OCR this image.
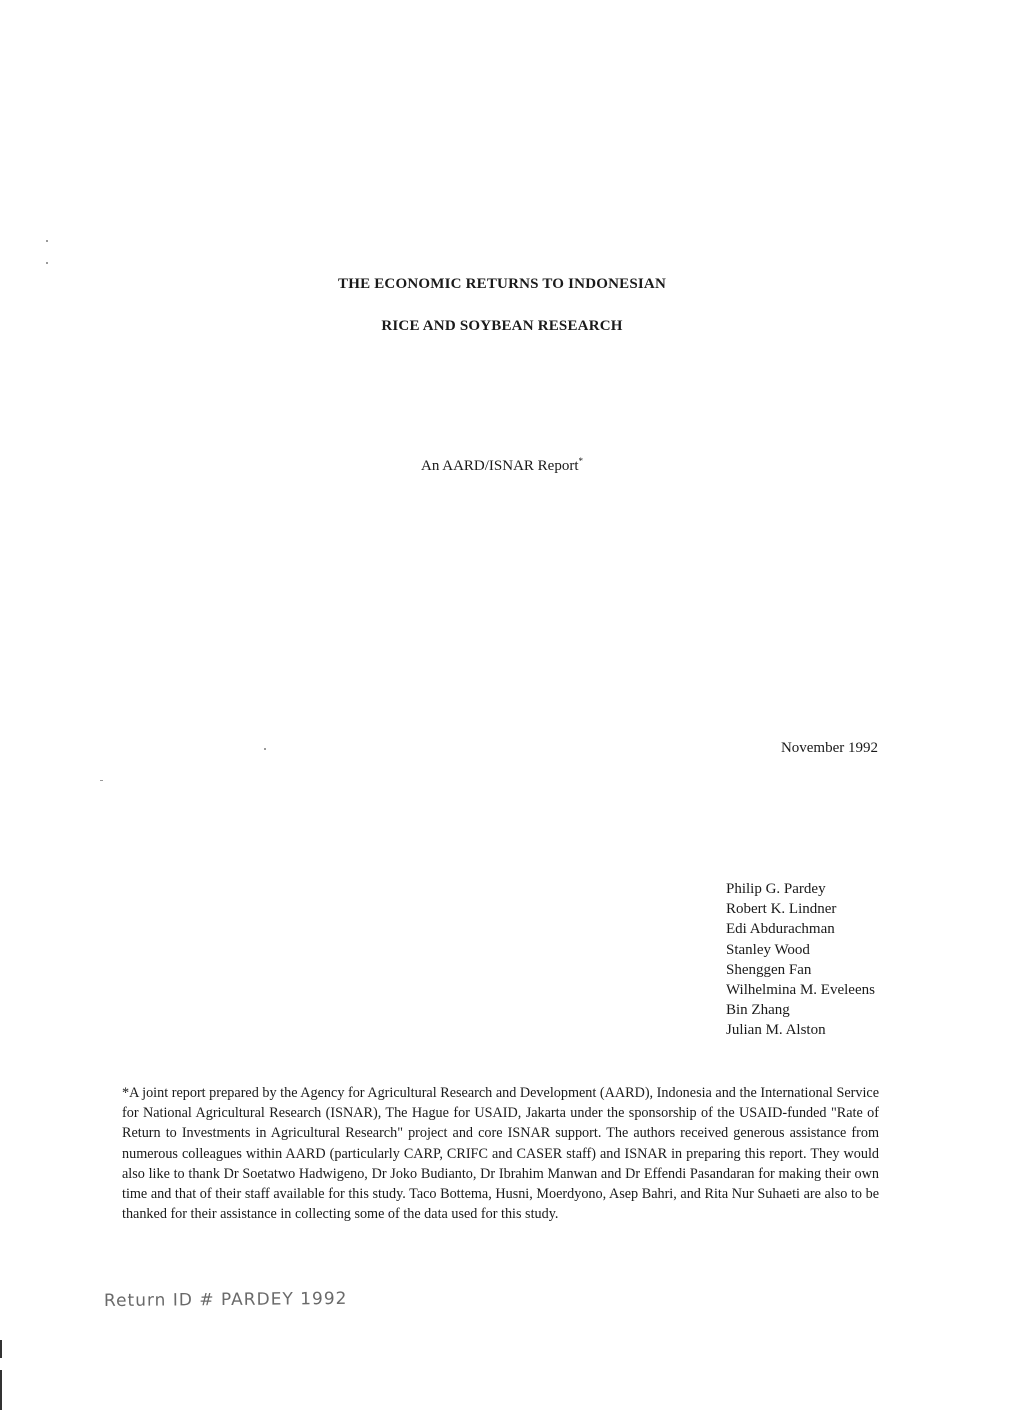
THE ECONOMIC RETURNS TO INDONESIAN
RICE AND SOYBEAN RESEARCH
An AARD/ISNAR Report*
November 1992
Philip G. Pardey
Robert K. Lindner
Edi Abdurachman
Stanley Wood
Shenggen Fan
Wilhelmina M. Eveleens
Bin Zhang
Julian M. Alston
*A joint report prepared by the Agency for Agricultural Research and Development (AARD), Indonesia and the International Service for National Agricultural Research (ISNAR), The Hague for USAID, Jakarta under the sponsorship of the USAID-funded "Rate of Return to Investments in Agricultural Research" project and core ISNAR support. The authors received generous assistance from numerous colleagues within AARD (particularly CARP, CRIFC and CASER staff) and ISNAR in preparing this report. They would also like to thank Dr Soetatwo Hadwigeno, Dr Joko Budianto, Dr Ibrahim Manwan and Dr Effendi Pasandaran for making their own time and that of their staff available for this study. Taco Bottema, Husni, Moerdyono, Asep Bahri, and Rita Nur Suhaeti are also to be thanked for their assistance in collecting some of the data used for this study.
Return ID # PARDEY 1992
